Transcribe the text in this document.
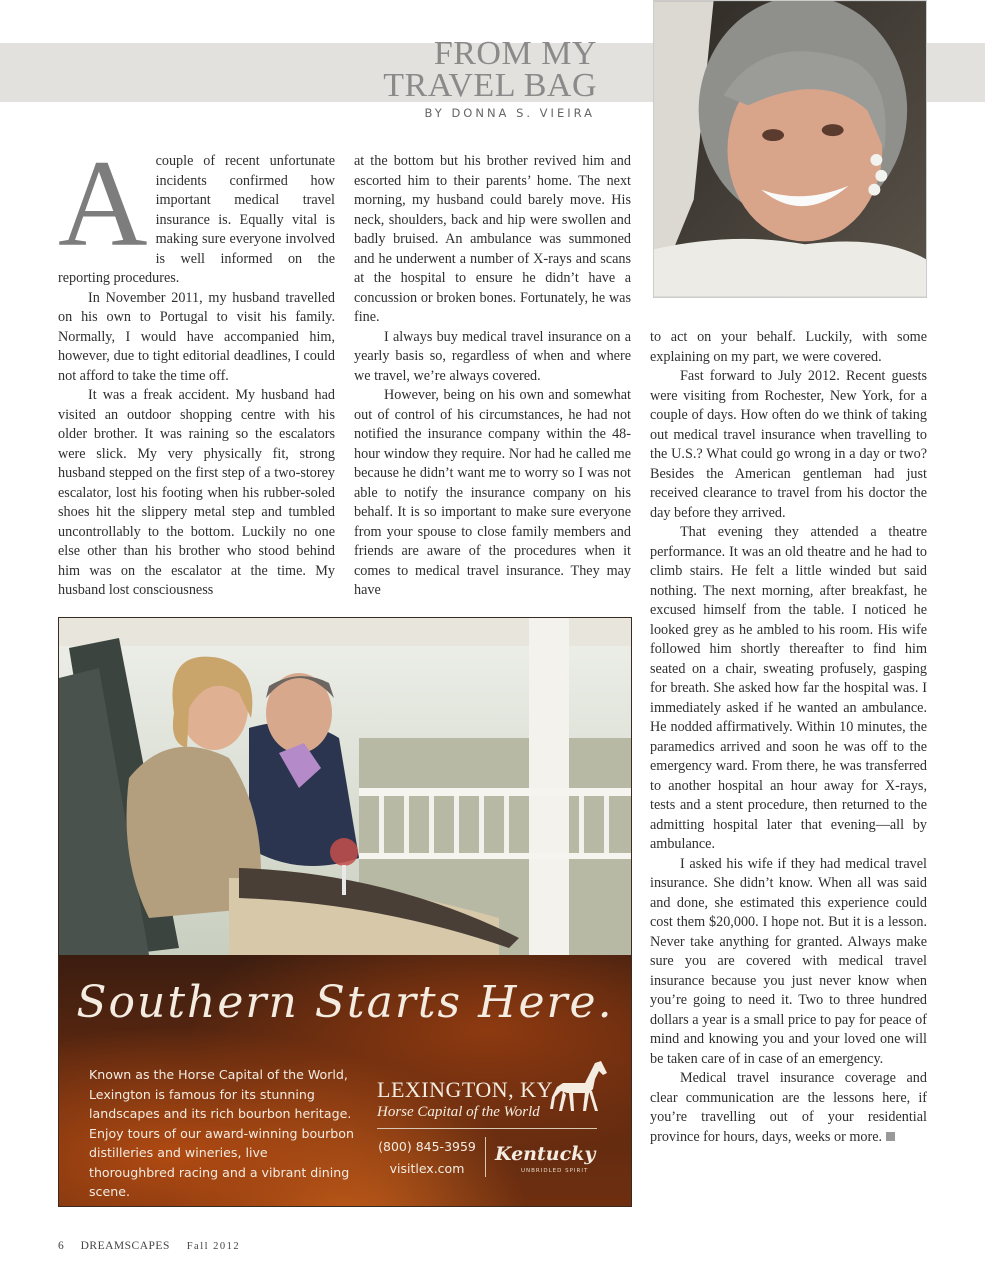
FROM MY
TRAVEL BAG
BY DONNA S. VIEIRA
A couple of recent unfortunate incidents confirmed how important medical travel insurance is. Equally vital is making sure everyone involved is well informed on the reporting procedures.

In November 2011, my husband travelled on his own to Portugal to visit his family. Normally, I would have accompanied him, however, due to tight editorial deadlines, I could not afford to take the time off.

It was a freak accident. My husband had visited an outdoor shopping centre with his older brother. It was raining so the escalators were slick. My very physically fit, strong husband stepped on the first step of a two-storey escalator, lost his footing when his rubber-soled shoes hit the slippery metal step and tumbled uncontrollably to the bottom. Luckily no one else other than his brother who stood behind him was on the escalator at the time. My husband lost consciousness

at the bottom but his brother revived him and escorted him to their parents’ home. The next morning, my husband could barely move. His neck, shoulders, back and hip were swollen and badly bruised. An ambulance was summoned and he underwent a number of X-rays and scans at the hospital to ensure he didn’t have a concussion or broken bones. Fortunately, he was fine.

I always buy medical travel insurance on a yearly basis so, regardless of when and where we travel, we’re always covered.

However, being on his own and somewhat out of control of his circumstances, he had not notified the insurance company within the 48-hour window they require. Nor had he called me because he didn’t want me to worry so I was not able to notify the insurance company on his behalf. It is so important to make sure everyone from your spouse to close family members and friends are aware of the procedures when it comes to medical travel insurance. They may have

to act on your behalf. Luckily, with some explaining on my part, we were covered.

Fast forward to July 2012. Recent guests were visiting from Rochester, New York, for a couple of days. How often do we think of taking out medical travel insurance when travelling to the U.S.? What could go wrong in a day or two? Besides the American gentleman had just received clearance to travel from his doctor the day before they arrived.

That evening they attended a theatre performance. It was an old theatre and he had to climb stairs. He felt a little winded but said nothing. The next morning, after breakfast, he excused himself from the table. I noticed he looked grey as he ambled to his room. His wife followed him shortly thereafter to find him seated on a chair, sweating profusely, gasping for breath. She asked how far the hospital was. I immediately asked if he wanted an ambulance. He nodded affirmatively. Within 10 minutes, the paramedics arrived and soon he was off to the emergency ward. From there, he was transferred to another hospital an hour away for X-rays, tests and a stent procedure, then returned to the admitting hospital later that evening—all by ambulance.

I asked his wife if they had medical travel insurance. She didn’t know. When all was said and done, she estimated this experience could cost them $20,000. I hope not. But it is a lesson. Never take anything for granted. Always make sure you are covered with medical travel insurance because you just never know when you’re going to need it. Two to three hundred dollars a year is a small price to pay for peace of mind and knowing you and your loved one will be taken care of in case of an emergency.

Medical travel insurance coverage and clear communication are the lessons here, if you’re travelling out of your residential province for hours, days, weeks or more.

Southern Starts Here.
Known as the Horse Capital of the World, Lexington is famous for its stunning landscapes and its rich bourbon heritage. Enjoy tours of our award-winning bourbon distilleries and wineries, live thoroughbred racing and a vibrant dining scene.
LEXINGTON, KY
Horse Capital of the World
(800) 845-3959
visitlex.com
Kentucky
UNBRIDLED SPIRIT
6 DREAMSCAPES Fall 2012
